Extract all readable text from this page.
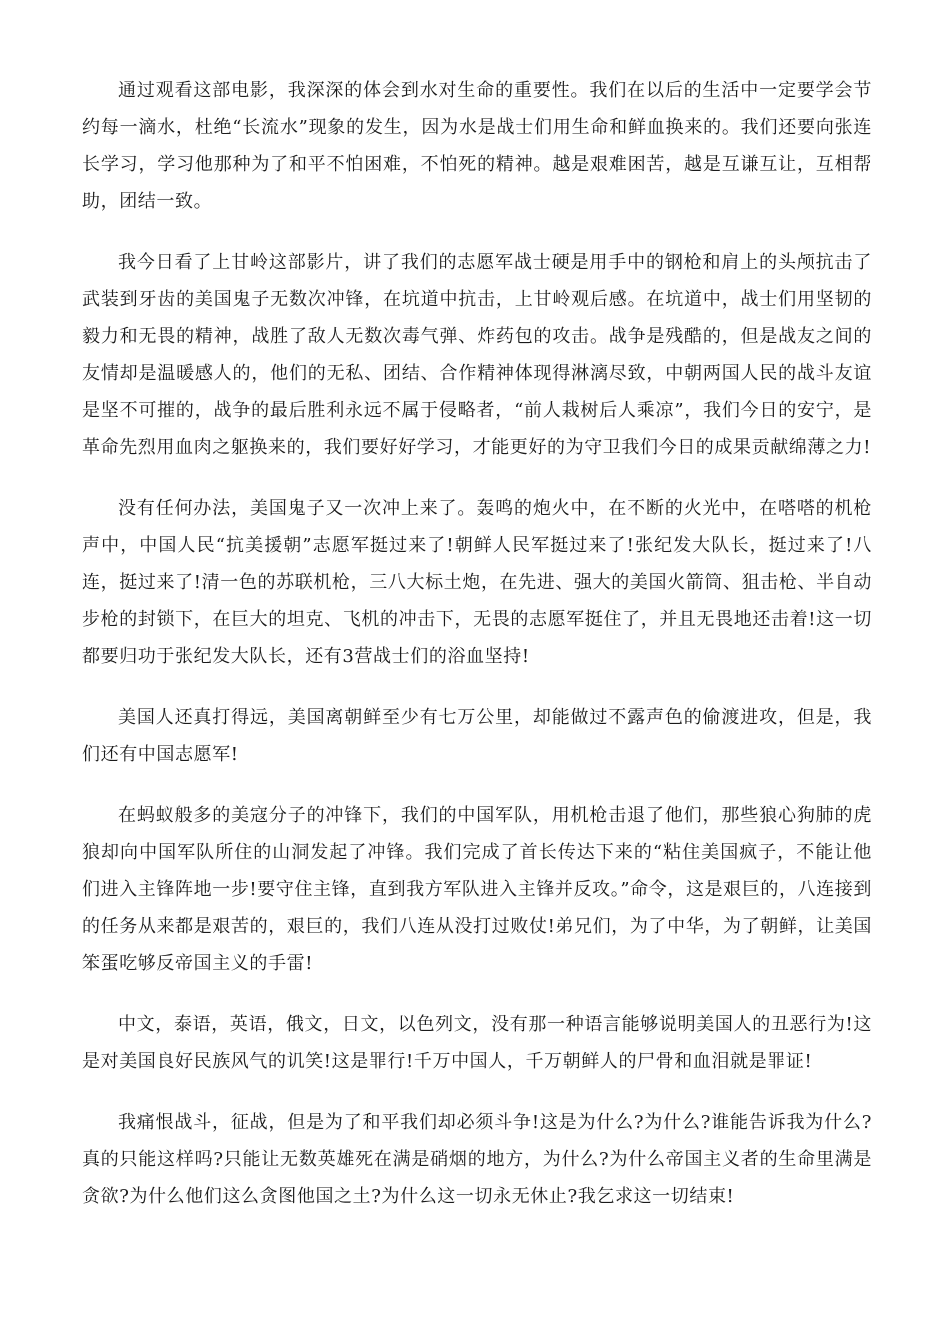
通过观看这部电影，我深深的体会到水对生命的重要性。我们在以后的生活中一定要学会节约每一滴水，杜绝“长流水”现象的发生，因为水是战士们用生命和鲜血换来的。我们还要向张连长学习，学习他那种为了和平不怕困难，不怕死的精神。越是艰难困苦，越是互谦互让，互相帮助，团结一致。

我今日看了上甘岭这部影片，讲了我们的志愿军战士硬是用手中的钢枪和肩上的头颅抗击了武装到牙齿的美国鬼子无数次冲锋，在坑道中抗击，上甘岭观后感。在坑道中，战士们用坚韧的毅力和无畏的精神，战胜了敌人无数次毒气弹、炸药包的攻击。战争是残酷的，但是战友之间的友情却是温暖感人的，他们的无私、团结、合作精神体现得淋漓尽致，中朝两国人民的战斗友谊是坚不可摧的，战争的最后胜利永远不属于侵略者，“前人栽树后人乘凉”，我们今日的安宁，是革命先烈用血肉之躯换来的，我们要好好学习，才能更好的为守卫我们今日的成果贡献绵薄之力!

没有任何办法，美国鬼子又一次冲上来了。轰鸣的炮火中，在不断的火光中，在嗒嗒的机枪声中，中国人民“抗美援朝”志愿军挺过来了!朝鲜人民军挺过来了!张纪发大队长，挺过来了!八连，挺过来了!清一色的苏联机枪，三八大标土炮，在先进、强大的美国火箭筒、狙击枪、半自动步枪的封锁下，在巨大的坦克、飞机的冲击下，无畏的志愿军挺住了，并且无畏地还击着!这一切都要归功于张纪发大队长，还有3营战士们的浴血坚持!

美国人还真打得远，美国离朝鲜至少有七万公里，却能做过不露声色的偷渡进攻，但是，我们还有中国志愿军!

在蚂蚁般多的美寇分子的冲锋下，我们的中国军队，用机枪击退了他们，那些狼心狗肺的虎狼却向中国军队所住的山洞发起了冲锋。我们完成了首长传达下来的“粘住美国疯子，不能让他们进入主锋阵地一步!要守住主锋，直到我方军队进入主锋并反攻。”命令，这是艰巨的，八连接到的任务从来都是艰苦的，艰巨的，我们八连从没打过败仗!弟兄们，为了中华，为了朝鲜，让美国笨蛋吃够反帝国主义的手雷!

中文，泰语，英语，俄文，日文，以色列文，没有那一种语言能够说明美国人的丑恶行为!这是对美国良好民族风气的讥笑!这是罪行!千万中国人，千万朝鲜人的尸骨和血泪就是罪证!

我痛恨战斗，征战，但是为了和平我们却必须斗争!这是为什么?为什么?谁能告诉我为什么?真的只能这样吗?只能让无数英雄死在满是硝烟的地方，为什么?为什么帝国主义者的生命里满是贪欲?为什么他们这么贪图他国之土?为什么这一切永无休止?我乞求这一切结束!
